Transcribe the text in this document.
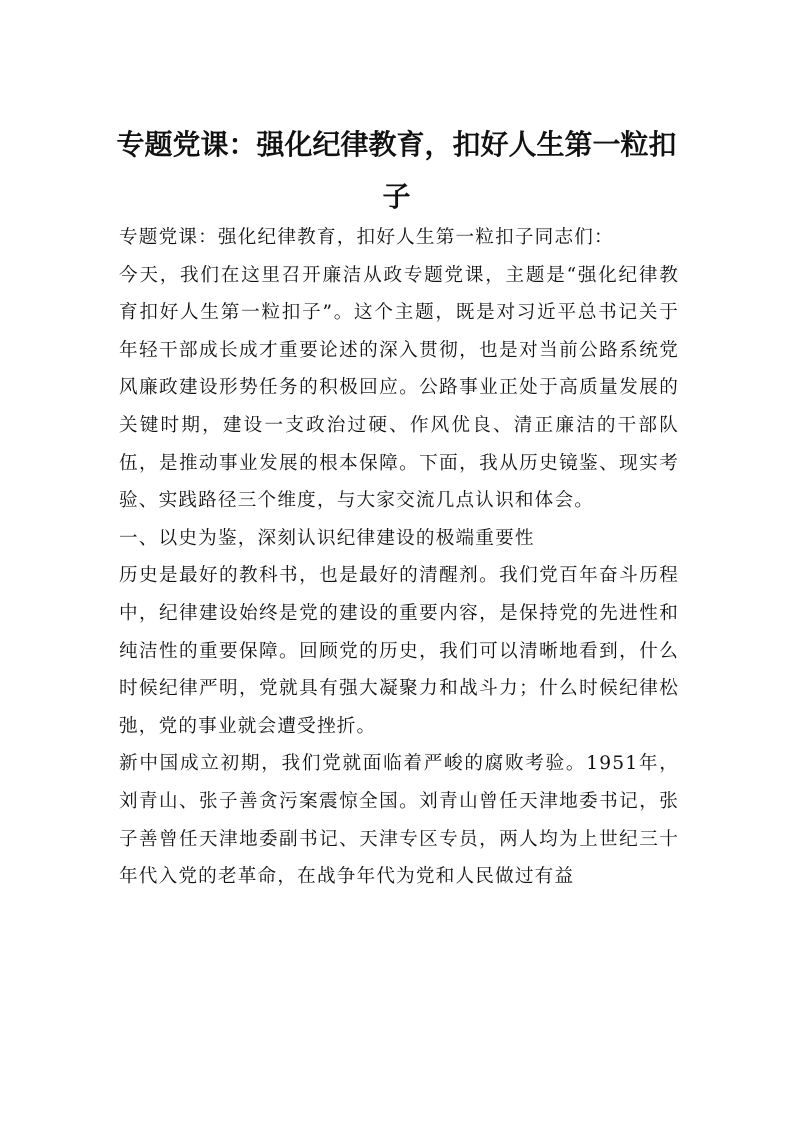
专题党课：强化纪律教育，扣好人生第一粒扣子

专题党课：强化纪律教育，扣好人生第一粒扣子同志们：

今天，我们在这里召开廉洁从政专题党课，主题是“强化纪律教育扣好人生第一粒扣子”。这个主题，既是对习近平总书记关于年轻干部成长成才重要论述的深入贯彻，也是对当前公路系统党风廉政建设形势任务的积极回应。公路事业正处于高质量发展的关键时期，建设一支政治过硬、作风优良、清正廉洁的干部队伍，是推动事业发展的根本保障。下面，我从历史镜鉴、现实考验、实践路径三个维度，与大家交流几点认识和体会。

一、以史为鉴，深刻认识纪律建设的极端重要性

历史是最好的教科书，也是最好的清醒剂。我们党百年奋斗历程中，纪律建设始终是党的建设的重要内容，是保持党的先进性和纯洁性的重要保障。回顾党的历史，我们可以清晰地看到，什么时候纪律严明，党就具有强大凝聚力和战斗力；什么时候纪律松弛，党的事业就会遭受挫折。

新中国成立初期，我们党就面临着严峻的腐败考验。1951年，刘青山、张子善贪污案震惊全国。刘青山曾任天津地委书记，张子善曾任天津地委副书记、天津专区专员，两人均为上世纪三十年代入党的老革命，在战争年代为党和人民做过有益
